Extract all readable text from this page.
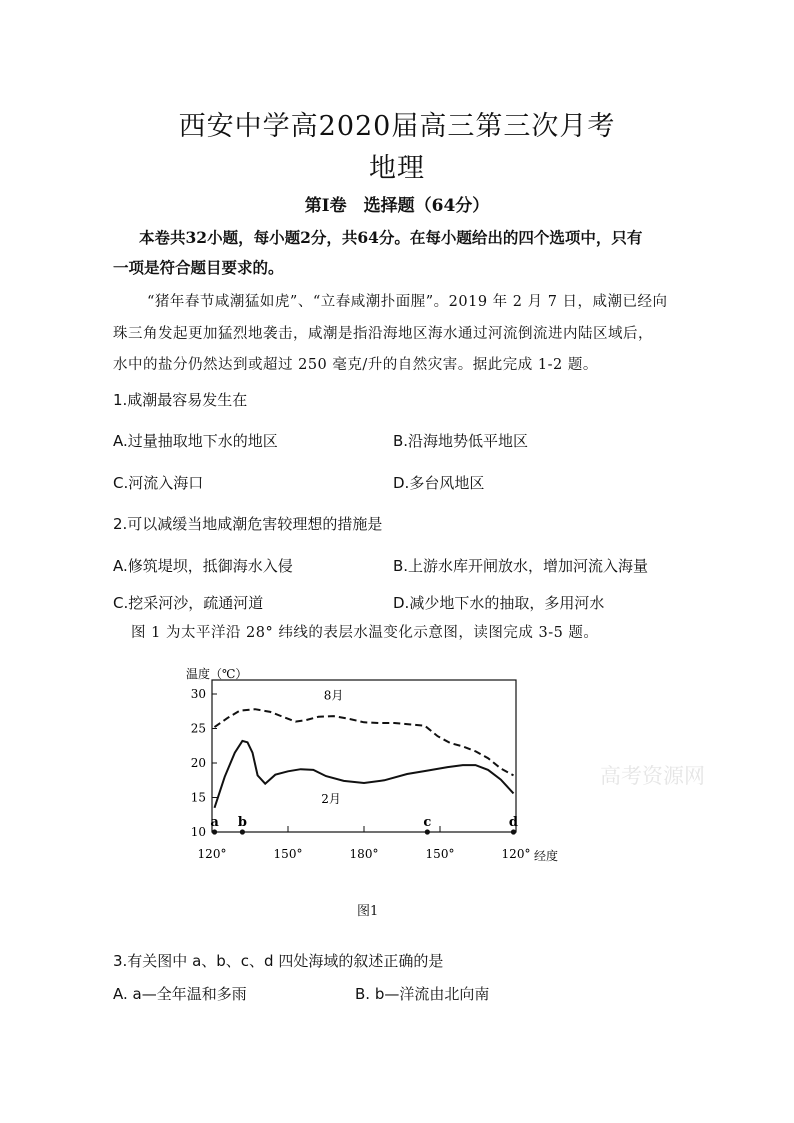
西安中学高2020届高三第三次月考
地理
第Ⅰ卷　选择题（64分）
本卷共32小题，每小题2分，共64分。在每小题给出的四个选项中，只有
一项是符合题目要求的。
“猪年春节咸潮猛如虎”、“立春咸潮扑面腥”。2019 年 2 月 7 日，咸潮已经向
珠三角发起更加猛烈地袭击，咸潮是指沿海地区海水通过河流倒流进内陆区域后，
水中的盐分仍然达到或超过 250 毫克/升的自然灾害。据此完成 1-2 题。
1.咸潮最容易发生在
A.过量抽取地下水的地区	B.沿海地势低平地区
C.河流入海口	D.多台风地区
2.可以减缓当地咸潮危害较理想的措施是
A.修筑堤坝，抵御海水入侵	B.上游水库开闸放水，增加河流入海量
C.挖采河沙，疏通河道	D.减少地下水的抽取，多用河水
图 1 为太平洋沿 28° 纬线的表层水温变化示意图，读图完成 3-5 题。
温度（℃）
经度
10
15
20
25
30
120°	150°	180°	150°	120°
8月
2月
a b	c	d
高考资源网
图1
3.有关图中 a、b、c、d 四处海域的叙述正确的是
A. a—全年温和多雨	B. b—洋流由北向南
